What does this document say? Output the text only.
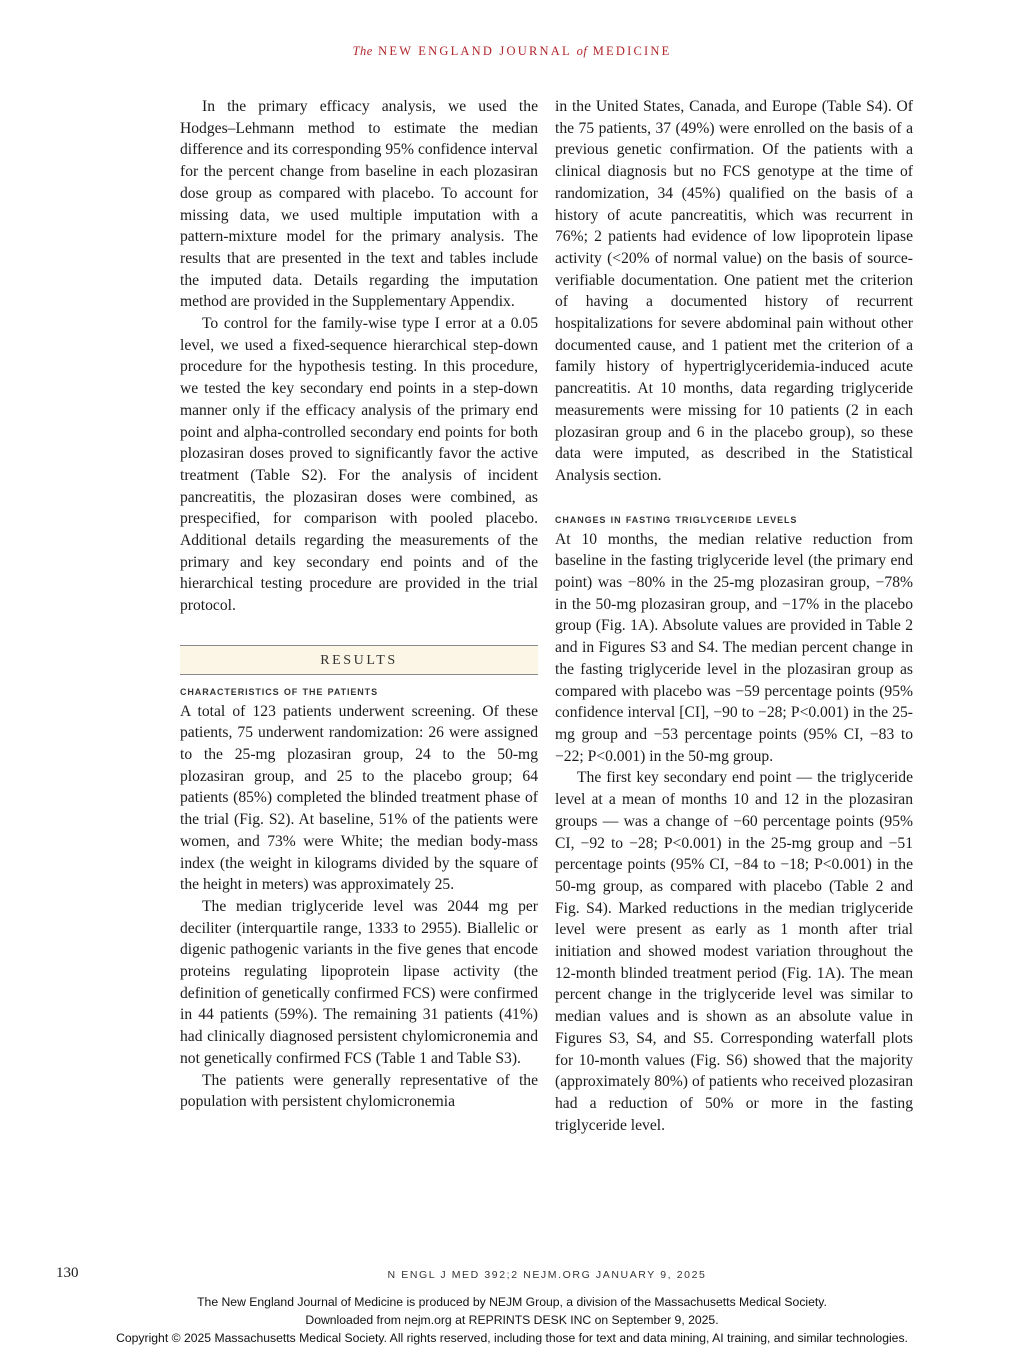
The NEW ENGLAND JOURNAL of MEDICINE

In the primary efficacy analysis, we used the Hodges–Lehmann method to estimate the median difference and its corresponding 95% confidence interval for the percent change from baseline in each plozasiran dose group as compared with placebo. To account for missing data, we used multiple imputation with a pattern-mixture model for the primary analysis. The results that are presented in the text and tables include the imputed data. Details regarding the imputation method are provided in the Supplementary Appendix.

To control for the family-wise type I error at a 0.05 level, we used a fixed-sequence hierarchical step-down procedure for the hypothesis testing. In this procedure, we tested the key secondary end points in a step-down manner only if the efficacy analysis of the primary end point and alpha-controlled secondary end points for both plozasiran doses proved to significantly favor the active treatment (Table S2). For the analysis of incident pancreatitis, the plozasiran doses were combined, as prespecified, for comparison with pooled placebo. Additional details regarding the measurements of the primary and key secondary end points and of the hierarchical testing procedure are provided in the trial protocol.

RESULTS
characteristics of the patients

A total of 123 patients underwent screening. Of these patients, 75 underwent randomization: 26 were assigned to the 25-mg plozasiran group, 24 to the 50-mg plozasiran group, and 25 to the placebo group; 64 patients (85%) completed the blinded treatment phase of the trial (Fig. S2). At baseline, 51% of the patients were women, and 73% were White; the median body-mass index (the weight in kilograms divided by the square of the height in meters) was approximately 25.

The median triglyceride level was 2044 mg per deciliter (interquartile range, 1333 to 2955). Biallelic or digenic pathogenic variants in the five genes that encode proteins regulating lipoprotein lipase activity (the definition of genetically confirmed FCS) were confirmed in 44 patients (59%). The remaining 31 patients (41%) had clinically diagnosed persistent chylomicronemia and not genetically confirmed FCS (Table 1 and Table S3).

The patients were generally representative of the population with persistent chylomicronemia

in the United States, Canada, and Europe (Table S4). Of the 75 patients, 37 (49%) were enrolled on the basis of a previous genetic confirmation. Of the patients with a clinical diagnosis but no FCS genotype at the time of randomization, 34 (45%) qualified on the basis of a history of acute pancreatitis, which was recurrent in 76%; 2 patients had evidence of low lipoprotein lipase activity (<20% of normal value) on the basis of source-verifiable documentation. One patient met the criterion of having a documented history of recurrent hospitalizations for severe abdominal pain without other documented cause, and 1 patient met the criterion of a family history of hypertriglyceridemia-induced acute pancreatitis. At 10 months, data regarding triglyceride measurements were missing for 10 patients (2 in each plozasiran group and 6 in the placebo group), so these data were imputed, as described in the Statistical Analysis section.

changes in fasting triglyceride levels

At 10 months, the median relative reduction from baseline in the fasting triglyceride level (the primary end point) was −80% in the 25-mg plozasiran group, −78% in the 50-mg plozasiran group, and −17% in the placebo group (Fig. 1A). Absolute values are provided in Table 2 and in Figures S3 and S4. The median percent change in the fasting triglyceride level in the plozasiran group as compared with placebo was −59 percentage points (95% confidence interval [CI], −90 to −28; P<0.001) in the 25-mg group and −53 percentage points (95% CI, −83 to −22; P<0.001) in the 50-mg group.

The first key secondary end point — the triglyceride level at a mean of months 10 and 12 in the plozasiran groups — was a change of −60 percentage points (95% CI, −92 to −28; P<0.001) in the 25-mg group and −51 percentage points (95% CI, −84 to −18; P<0.001) in the 50-mg group, as compared with placebo (Table 2 and Fig. S4). Marked reductions in the median triglyceride level were present as early as 1 month after trial initiation and showed modest variation throughout the 12-month blinded treatment period (Fig. 1A). The mean percent change in the triglyceride level was similar to median values and is shown as an absolute value in Figures S3, S4, and S5. Corresponding waterfall plots for 10-month values (Fig. S6) showed that the majority (approximately 80%) of patients who received plozasiran had a reduction of 50% or more in the fasting triglyceride level.

130	N ENGL J MED 392;2 NEJM.ORG JANUARY 9, 2025
The New England Journal of Medicine is produced by NEJM Group, a division of the Massachusetts Medical Society.
Downloaded from nejm.org at REPRINTS DESK INC on September 9, 2025.
Copyright © 2025 Massachusetts Medical Society. All rights reserved, including those for text and data mining, AI training, and similar technologies.
